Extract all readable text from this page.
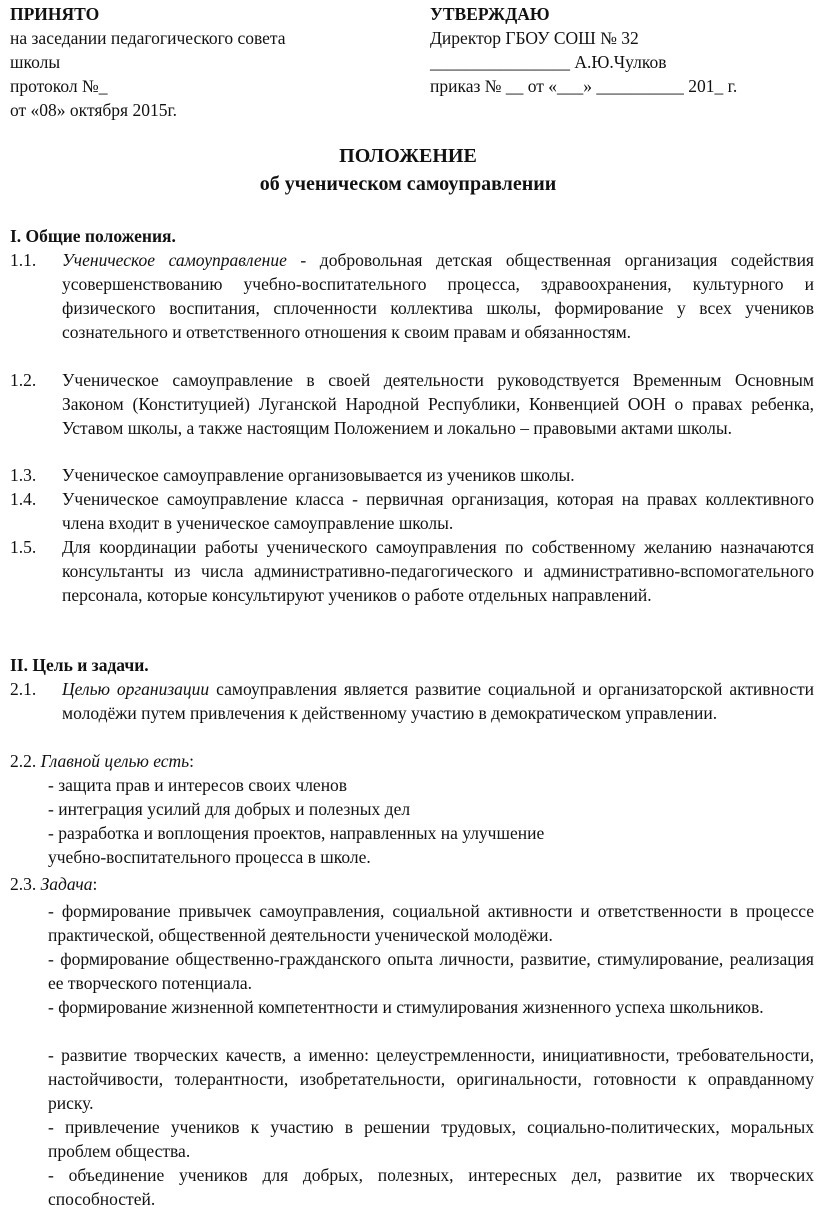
ПРИНЯТО
на заседании педагогического совета
школы
протокол №_
от «08» октября 2015г.
УТВЕРЖДАЮ
Директор ГБОУ СОШ № 32
________________ А.Ю.Чулков
приказ № __ от «___» __________ 201_ г.
ПОЛОЖЕНИЕ
об ученическом самоуправлении
I. Общие положения.
1.1. Ученическое самоуправление - добровольная детская общественная организация содействия усовершенствованию учебно-воспитательного процесса, здравоохранения, культурного и физического воспитания, сплоченности коллектива школы, формирование у всех учеников сознательного и ответственного отношения к своим правам и обязанностям.
1.2. Ученическое самоуправление в своей деятельности руководствуется Временным Основным Законом (Конституцией) Луганской Народной Республики, Конвенцией ООН о правах ребенка, Уставом школы, а также настоящим Положением и локально – правовыми актами школы.
1.3. Ученическое самоуправление организовывается из учеников школы.
1.4. Ученическое самоуправление класса - первичная организация, которая на правах коллективного члена входит в ученическое самоуправление школы.
1.5. Для координации работы ученического самоуправления по собственному желанию назначаются консультанты из числа административно-педагогического и административно-вспомогательного персонала, которые консультируют учеников о работе отдельных направлений.
II. Цель и задачи.
2.1. Целью организации самоуправления является развитие социальной и организаторской активности молодёжи путем привлечения к действенному участию в демократическом управлении.
2.2. Главной целью есть:
- защита прав и интересов своих членов
- интеграция усилий для добрых и полезных дел
- разработка и воплощения проектов, направленных на улучшение
учебно-воспитательного процесса в школе.
2.3. Задача:
- формирование привычек самоуправления, социальной активности и ответственности в процессе практической, общественной деятельности ученической молодёжи.
- формирование общественно-гражданского опыта личности, развитие, стимулирование, реализация ее творческого потенциала.
- формирование жизненной компетентности и стимулирования жизненного успеха школьников.
- развитие творческих качеств, а именно: целеустремленности, инициативности, требовательности, настойчивости, толерантности, изобретательности, оригинальности, готовности к оправданному риску.
- привлечение учеников к участию в решении трудовых, социально-политических, моральных проблем общества.
- объединение учеников для добрых, полезных, интересных дел, развитие их творческих способностей.
